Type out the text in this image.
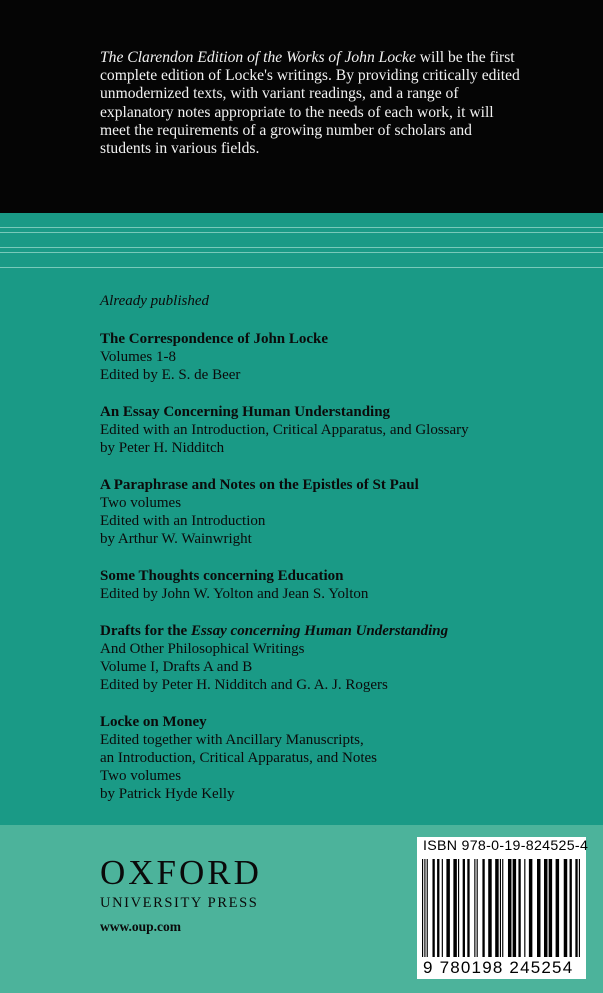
The Clarendon Edition of the Works of John Locke will be the first complete edition of Locke's writings. By providing critically edited unmodernized texts, with variant readings, and a range of explanatory notes appropriate to the needs of each work, it will meet the requirements of a growing number of scholars and students in various fields.
Already published
The Correspondence of John Locke
Volumes 1-8
Edited by E. S. de Beer
An Essay Concerning Human Understanding
Edited with an Introduction, Critical Apparatus, and Glossary
by Peter H. Nidditch
A Paraphrase and Notes on the Epistles of St Paul
Two volumes
Edited with an Introduction
by Arthur W. Wainwright
Some Thoughts concerning Education
Edited by John W. Yolton and Jean S. Yolton
Drafts for the Essay concerning Human Understanding
And Other Philosophical Writings
Volume I, Drafts A and B
Edited by Peter H. Nidditch and G. A. J. Rogers
Locke on Money
Edited together with Ancillary Manuscripts,
an Introduction, Critical Apparatus, and Notes
Two volumes
by Patrick Hyde Kelly
OXFORD
UNIVERSITY PRESS
www.oup.com
ISBN 978-0-19-824525-4
9 780198 245254
